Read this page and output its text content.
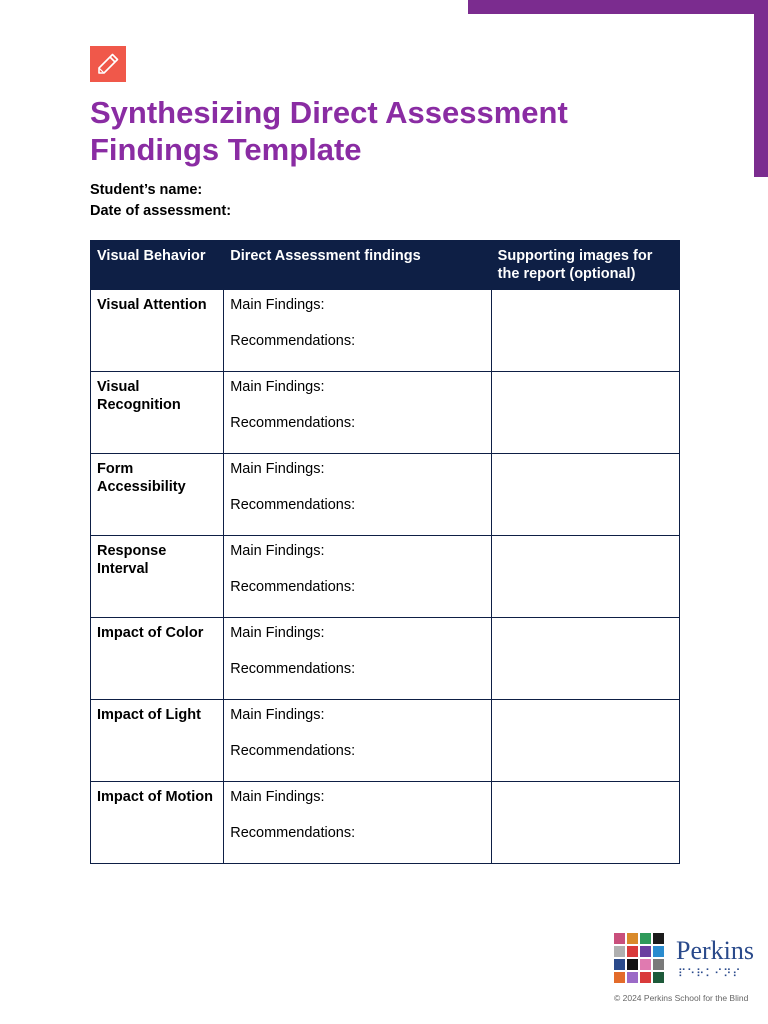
Synthesizing Direct Assessment Findings Template
Student’s name:
Date of assessment:
Visual Behavior	Direct Assessment findings	Supporting images for the report (optional)
Visual Attention	Main Findings:
Recommendations:	

Visual Recognition	Main Findings:
Recommendations:	

Form Accessibility	Main Findings:
Recommendations:	

Response Interval	Main Findings:
Recommendations:	

Impact of Color	Main Findings:
Recommendations:	

Impact of Light	Main Findings:
Recommendations:	

Impact of Motion	Main Findings:
Recommendations:	

Perkins
⠏⠑⠗⠅⠊⠝⠎
© 2024 Perkins School for the Blind
